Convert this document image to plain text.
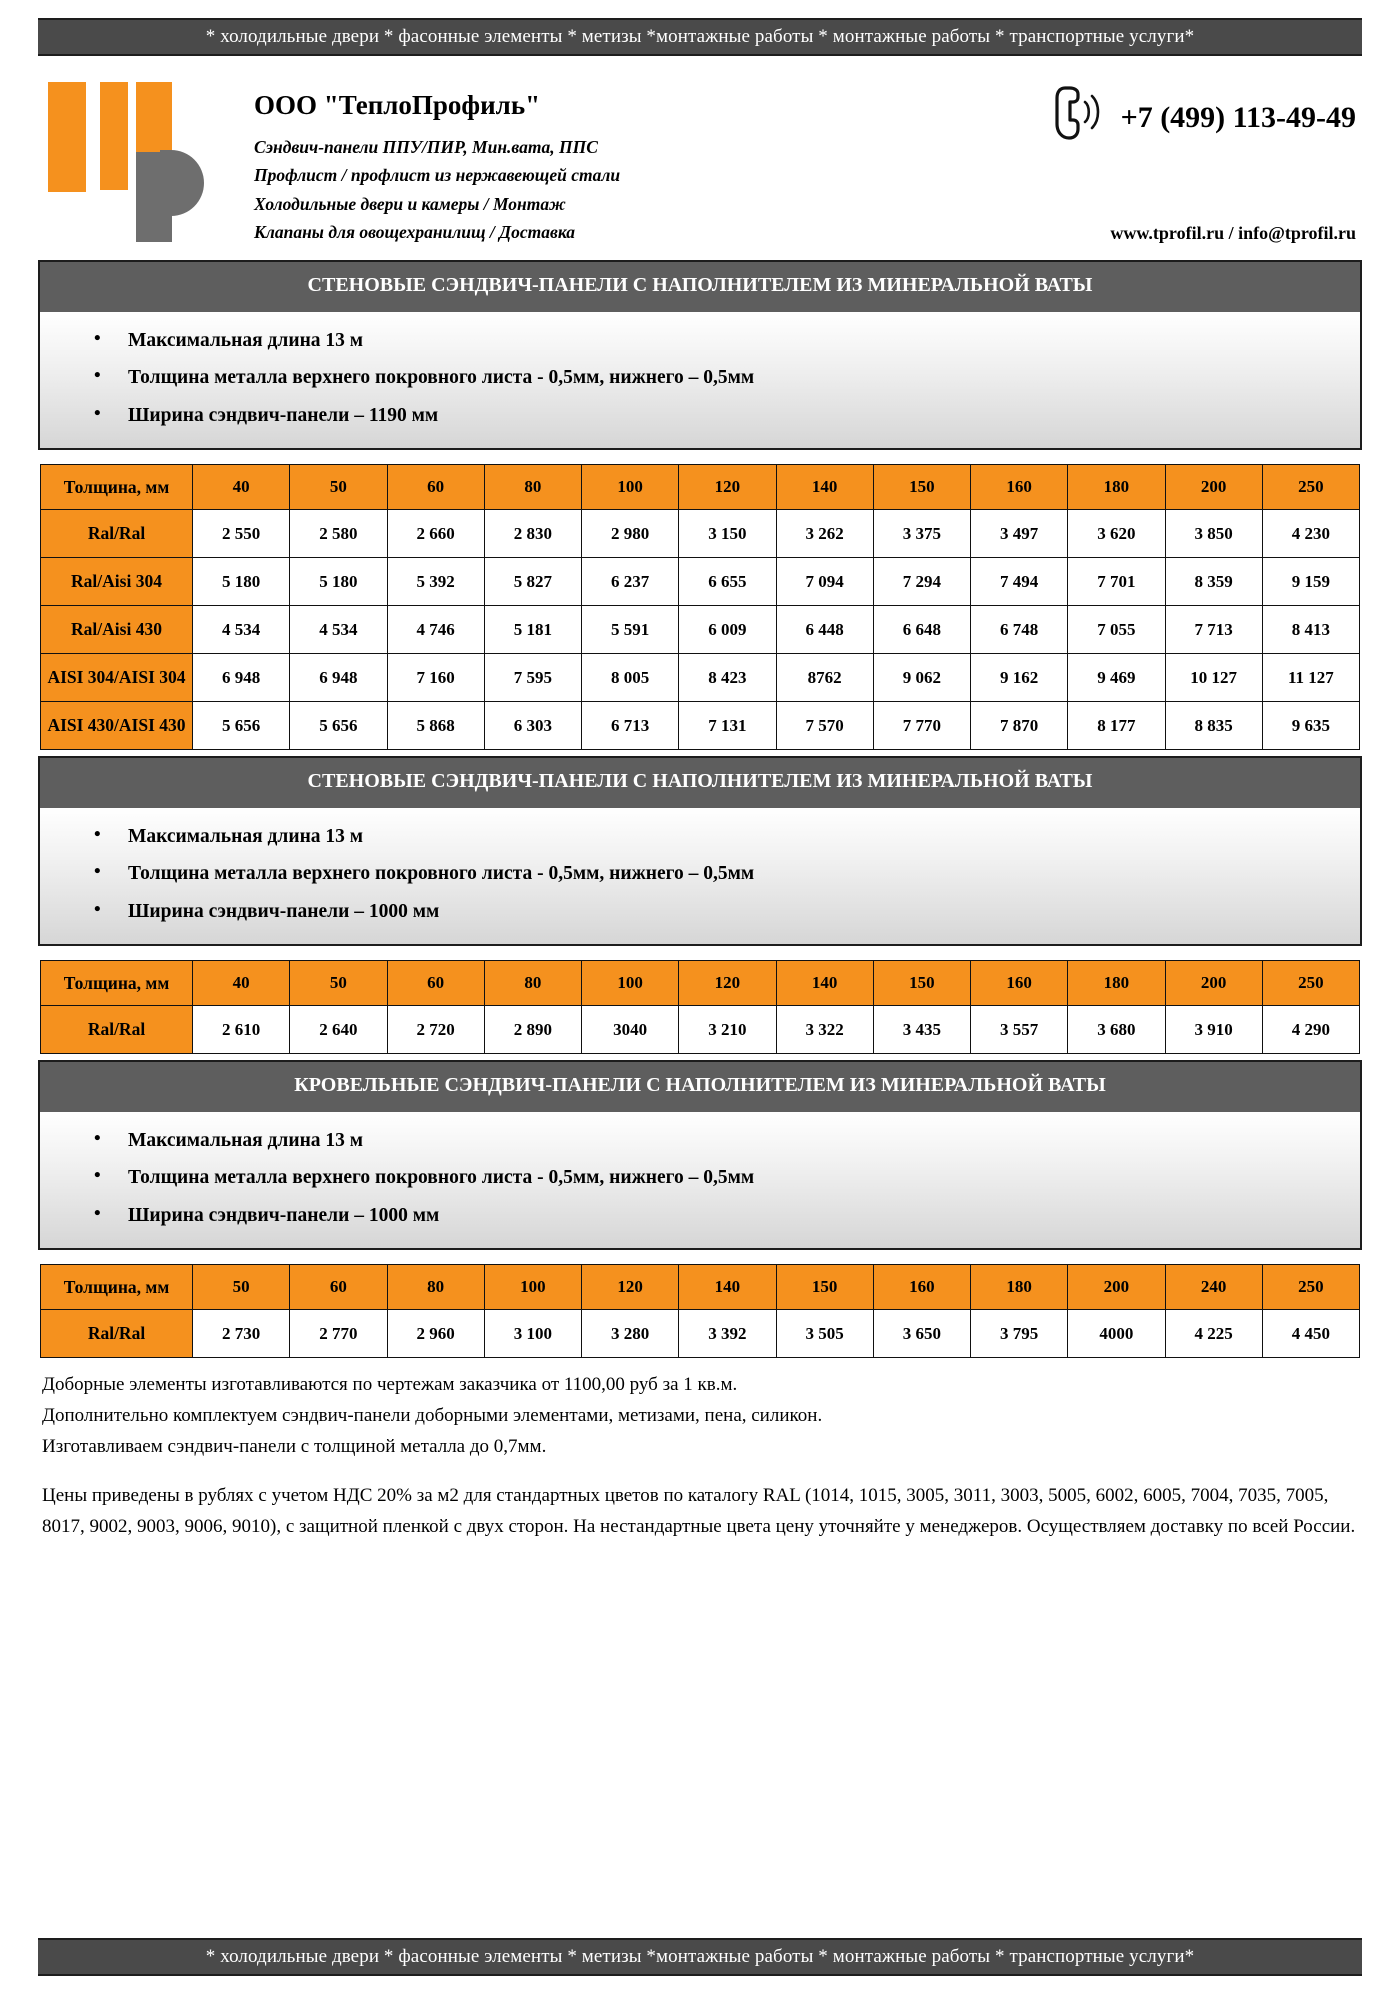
* холодильные двери * фасонные элементы * метизы *монтажные работы * монтажные работы * транспортные услуги*
ООО "ТеплоПрофиль"
Сэндвич-панели ППУ/ПИР, Мин.вата, ППС
Профлист / профлист из нержавеющей стали
Холодильные двери и камеры / Монтаж
Клапаны для овощехранилищ / Доставка
+7 (499) 113-49-49
www.tprofil.ru / info@tprofil.ru
СТЕНОВЫЕ СЭНДВИЧ-ПАНЕЛИ С НАПОЛНИТЕЛЕМ ИЗ МИНЕРАЛЬНОЙ ВАТЫ
• Максимальная длина 13 м
• Толщина металла верхнего покровного листа - 0,5мм, нижнего – 0,5мм
• Ширина сэндвич-панели – 1190 мм
Толщина, мм	40	50	60	80	100	120	140	150	160	180	200	250
Ral/Ral	2 550	2 580	2 660	2 830	2 980	3 150	3 262	3 375	3 497	3 620	3 850	4 230
Ral/Aisi 304	5 180	5 180	5 392	5 827	6 237	6 655	7 094	7 294	7 494	7 701	8 359	9 159
Ral/Aisi 430	4 534	4 534	4 746	5 181	5 591	6 009	6 448	6 648	6 748	7 055	7 713	8 413
AISI 304/AISI 304	6 948	6 948	7 160	7 595	8 005	8 423	8762	9 062	9 162	9 469	10 127	11 127
AISI 430/AISI 430	5 656	5 656	5 868	6 303	6 713	7 131	7 570	7 770	7 870	8 177	8 835	9 635
СТЕНОВЫЕ СЭНДВИЧ-ПАНЕЛИ С НАПОЛНИТЕЛЕМ ИЗ МИНЕРАЛЬНОЙ ВАТЫ
• Максимальная длина 13 м
• Толщина металла верхнего покровного листа - 0,5мм, нижнего – 0,5мм
• Ширина сэндвич-панели – 1000 мм
Толщина, мм	40	50	60	80	100	120	140	150	160	180	200	250
Ral/Ral	2 610	2 640	2 720	2 890	3040	3 210	3 322	3 435	3 557	3 680	3 910	4 290
КРОВЕЛЬНЫЕ СЭНДВИЧ-ПАНЕЛИ С НАПОЛНИТЕЛЕМ ИЗ МИНЕРАЛЬНОЙ ВАТЫ
• Максимальная длина 13 м
• Толщина металла верхнего покровного листа - 0,5мм, нижнего – 0,5мм
• Ширина сэндвич-панели – 1000 мм
Толщина, мм	50	60	80	100	120	140	150	160	180	200	240	250
Ral/Ral	2 730	2 770	2 960	3 100	3 280	3 392	3 505	3 650	3 795	4000	4 225	4 450

Доборные элементы изготавливаются по чертежам заказчика от 1100,00 руб за 1 кв.м.

Дополнительно комплектуем сэндвич-панели доборными элементами, метизами, пена, силикон.

Изготавливаем сэндвич-панели с толщиной металла до 0,7мм.

Цены приведены в рублях с учетом НДС 20% за м2 для стандартных цветов по каталогу RAL (1014, 1015, 3005, 3011, 3003, 5005, 6002, 6005, 7004, 7035, 7005, 8017, 9002, 9003, 9006, 9010), с защитной пленкой с двух сторон. На нестандартные цвета цену уточняйте у менеджеров. Осуществляем доставку по всей России.

* холодильные двери * фасонные элементы * метизы *монтажные работы * монтажные работы * транспортные услуги*
